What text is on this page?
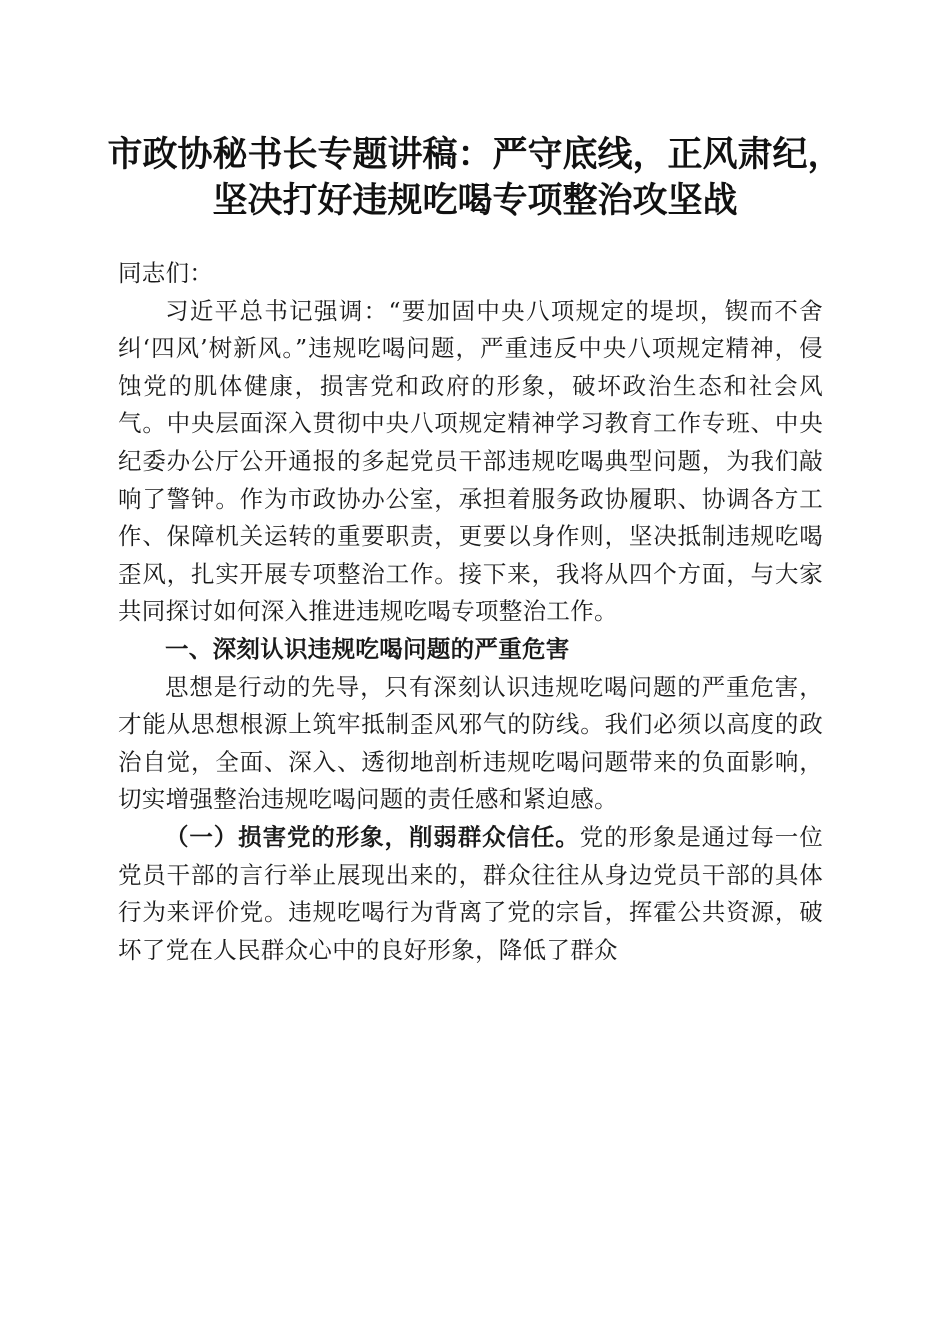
市政协秘书长专题讲稿：严守底线，正风肃纪，
坚决打好违规吃喝专项整治攻坚战

同志们：

习近平总书记强调：“要加固中央八项规定的堤坝，锲而不舍纠‘四风’树新风。”违规吃喝问题，严重违反中央八项规定精神，侵蚀党的肌体健康，损害党和政府的形象，破坏政治生态和社会风气。中央层面深入贯彻中央八项规定精神学习教育工作专班、中央纪委办公厅公开通报的多起党员干部违规吃喝典型问题，为我们敲响了警钟。作为市政协办公室，承担着服务政协履职、协调各方工作、保障机关运转的重要职责，更要以身作则，坚决抵制违规吃喝歪风，扎实开展专项整治工作。接下来，我将从四个方面，与大家共同探讨如何深入推进违规吃喝专项整治工作。

一、深刻认识违规吃喝问题的严重危害

思想是行动的先导，只有深刻认识违规吃喝问题的严重危害，才能从思想根源上筑牢抵制歪风邪气的防线。我们必须以高度的政治自觉，全面、深入、透彻地剖析违规吃喝问题带来的负面影响，切实增强整治违规吃喝问题的责任感和紧迫感。

（一）损害党的形象，削弱群众信任。党的形象是通过每一位党员干部的言行举止展现出来的，群众往往从身边党员干部的具体行为来评价党。违规吃喝行为背离了党的宗旨，挥霍公共资源，破坏了党在人民群众心中的良好形象，降低了群众
